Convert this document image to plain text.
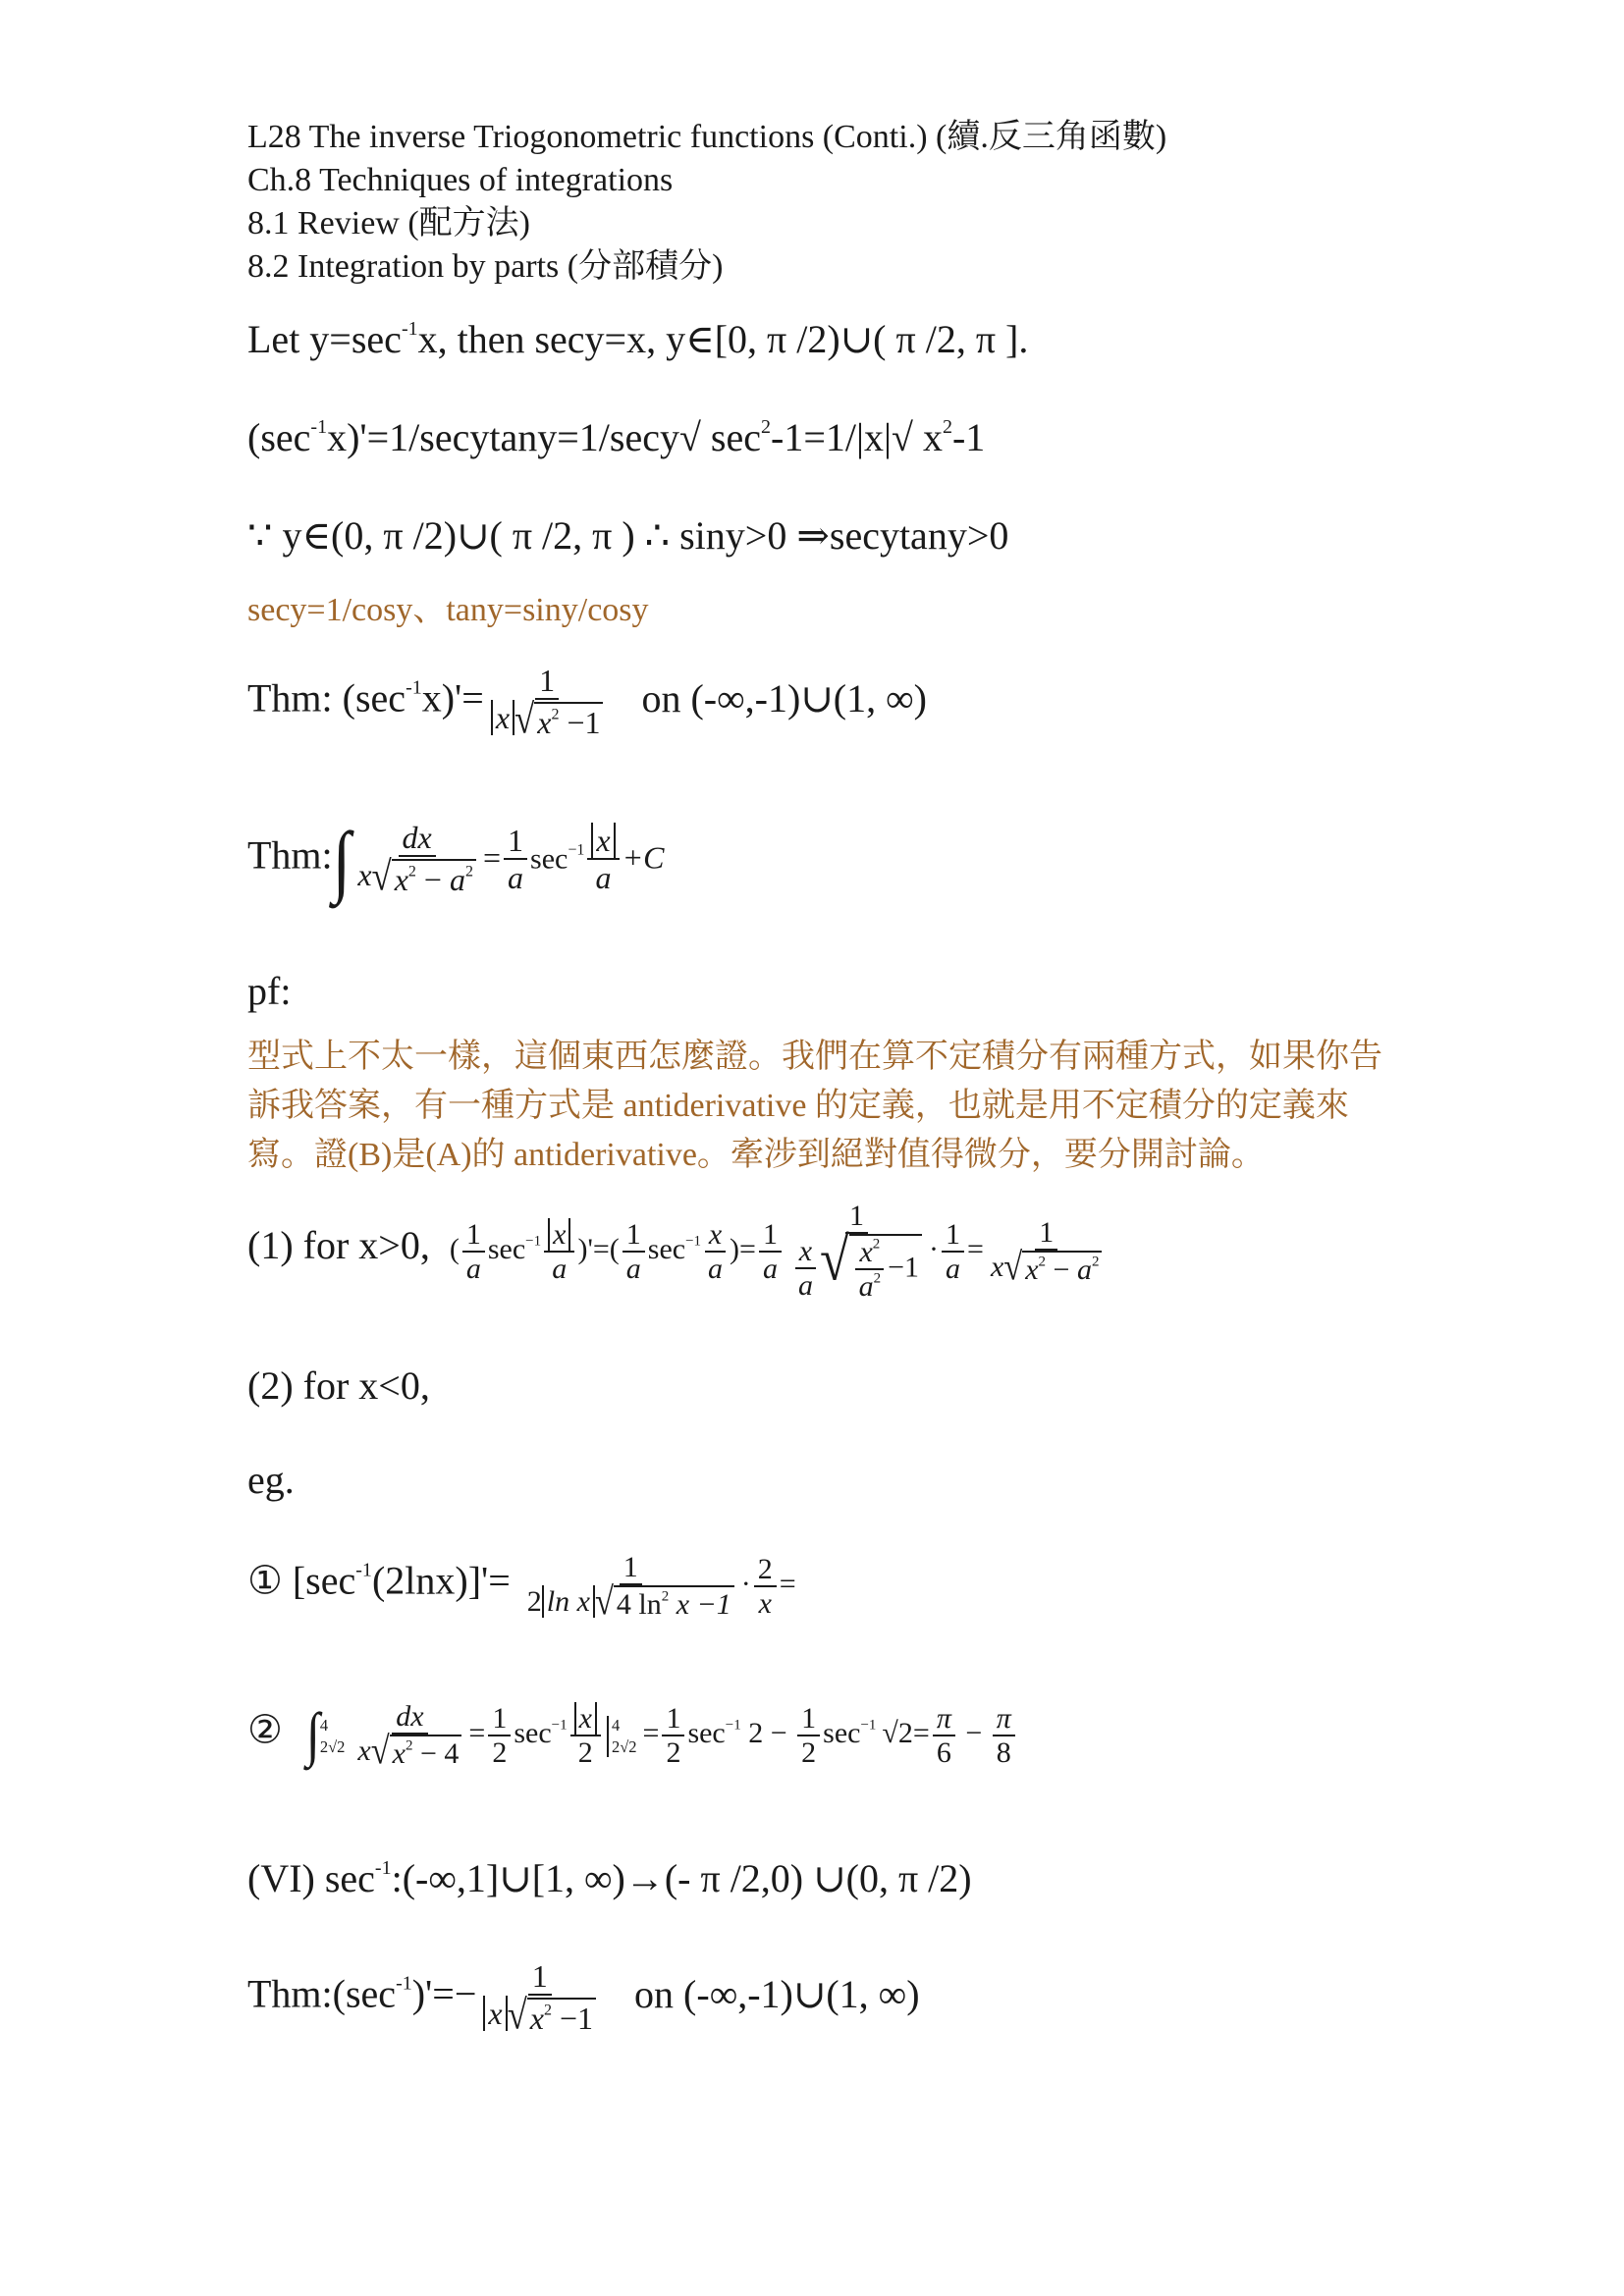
L28 The inverse Triogonometric functions (Conti.) (續.反三角函數)
Ch.8 Techniques of integrations
8.1 Review (配方法)
8.2 Integration by parts (分部積分)
Let $y=\sec^{-1}x$, then secy=x, y∈[0, π /2)∪( π /2, π ].
$(\sec^{-1}x)'=1/secytany=1/\sec y√$ $\sec^2-1=1/|x|√$ $x^2-1$
∵ y∈(0, π /2)∪( π /2, π ) ∴ siny>0 ⇒secytany>0
secy=1/cosy、tany=siny/cosy
Thm: $(\sec^{-1}x)'= \frac{1}{x √ x^2 -1}$ on (-∞,-1)∪(1, ∞)
Thm:∫ $\frac{dx}{x √ x^2 - a^2} = \frac{1}{a} \sec^{-1} \frac{x}{a} +C$
pf:
型式上不太一樣，這個東西怎麼證。我們在算不定積分有兩種方式，如果你告訴我答案，有一種方式是 antiderivative 的定義，也就是用不定積分的定義來寫。證(B)是(A)的 antiderivative。牽涉到絕對值得微分，要分開討論。
(1) for x>0, ( $\frac{1}{a} \sec^{-1} \frac{x}{a}$ )'=( $\frac{1}{a} \sec^{-1} \frac{x}{a}$ )= $\frac{1}{a} \frac{1}{\frac{x}{a} √ \frac{x^2}{a^2} -1} \cdot \frac{1}{a} = \frac{1}{x √ x^2 - a^2}$
(2) for x<0,
eg.
① $[\sec^{-1}(2\ln x)]'= \frac{1}{2 \ln x √ 4 \ln^2 x -1} \cdot \frac{2}{x}$ =
② ∫ 4
$2√2 \frac{dx}{x √ x^2 - 4} = \frac{1}{2} \sec^{-1} \frac{x}{2} 4$
$2√2 = \frac{1}{2} \sec^{-1} 2 - \frac{1}{2} \sec^{-1} √2= \frac{\pi}{6} - \frac{\pi}{8}$
(VI) $\sec^{-1}:(-\infty,1]\cup[1$, ∞)→(- π /2,0) ∪(0, π /2)
$Thm:(\sec^{-1})'=- \frac{1}{x √ x^2 -1}$ on (-∞,-1)∪(1, ∞)
